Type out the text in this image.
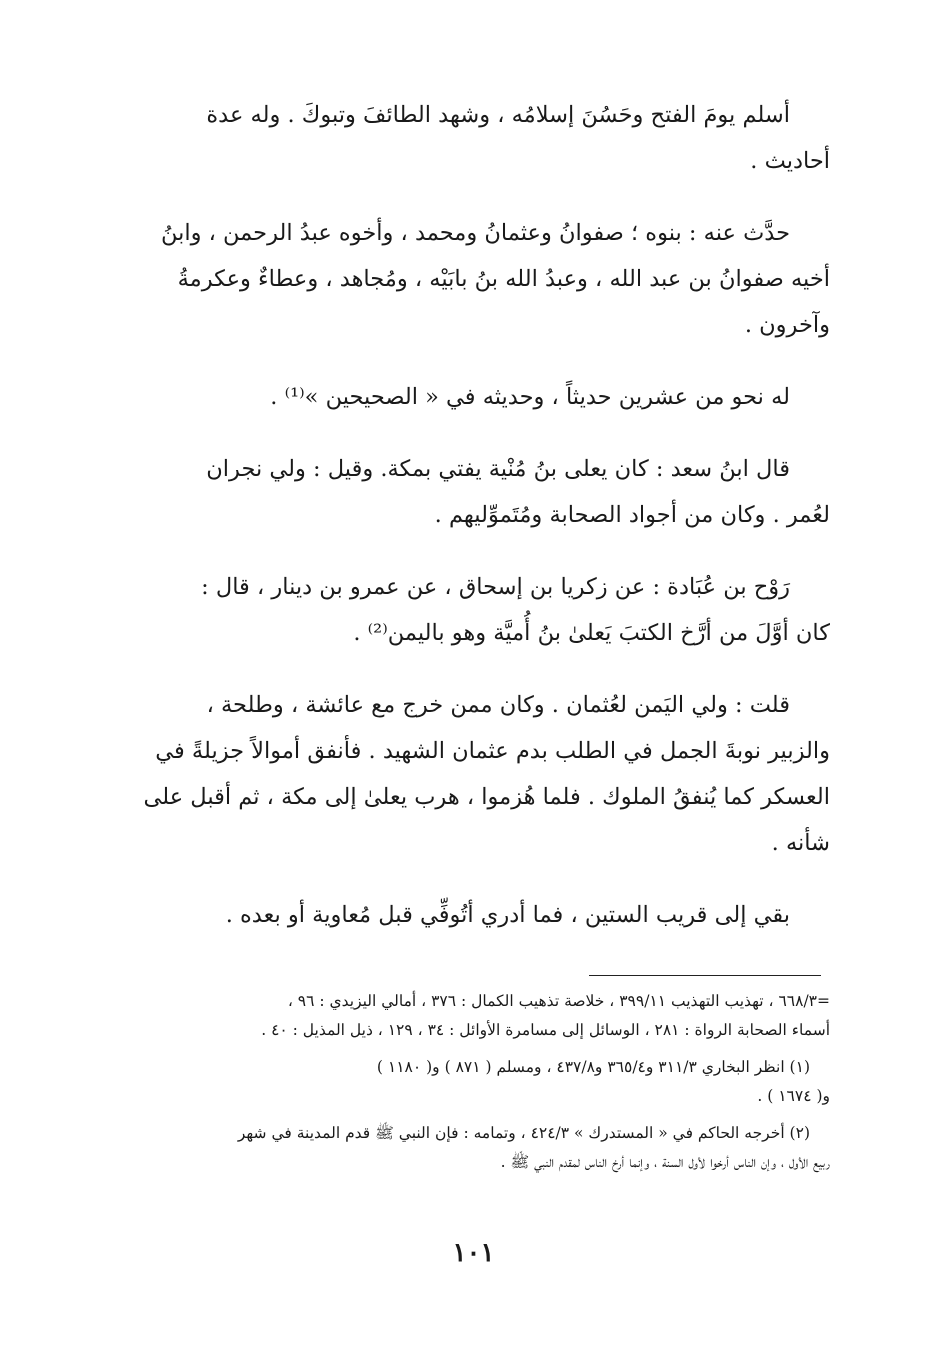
أسلم يومَ الفتح وحَسُنَ إسلامُه ، وشهد الطائفَ وتبوكَ . وله عدة
أحاديث .

حدَّث عنه : بنوه ؛ صفوانُ وعثمانُ ومحمد ، وأخوه عبدُ الرحمن ، وابنُ
أخيه صفوانُ بن عبد الله ، وعبدُ الله بنُ بابَيْه ، ومُجاهد ، وعطاءٌ وعكرمةُ
وآخرون .

له نحو من عشرين حديثاً ، وحديثه في « الصحيحين »⁽¹⁾ .

قال ابنُ سعد : كان يعلى بنُ مُنْية يفتي بمكة. وقيل : ولي نجران
لعُمر . وكان من أجواد الصحابة ومُتَموِّليهم .

رَوْح بن عُبَادة : عن زكريا بن إسحاق ، عن عمرو بن دينار ، قال :
كان أوَّلَ من أرَّخ الكتبَ يَعلىٰ بنُ أُميَّة وهو باليمن⁽²⁾ .

قلت : ولي اليَمن لعُثمان . وكان ممن خرج مع عائشة ، وطلحة ،
والزبير نوبةَ الجمل في الطلب بدم عثمان الشهيد . فأنفق أموالاً جزيلةً في
العسكر كما يُنفقُ الملوك . فلما هُزموا ، هرب يعلىٰ إلى مكة ، ثم أقبل على
شأنه .

بقي إلى قريب الستين ، فما أدري أتُوفِّي قبل مُعاوية أو بعده .

=٦٦٨/٣ ، تهذيب التهذيب ٣٩٩/١١ ، خلاصة تذهيب الكمال : ٣٧٦ ، أمالي اليزيدي : ٩٦ ،
أسماء الصحابة الرواة : ٢٨١ ، الوسائل إلى مسامرة الأوائل : ٣٤ ، ١٢٩ ، ذيل المذيل : ٤٠ .
(١) انظر البخاري ٣١١/٣ و٣٦٥/٤ و٤٣٧/٨ ، ومسلم ( ٨٧١ ) و( ١١٨٠ )
و( ١٦٧٤ ) .
(٢) أخرجه الحاكم في « المستدرك » ٤٢٤/٣ ، وتمامه : فإن النبي ﷺ قدم المدينة في شهر
ربيع الأول ، وإن الناس أرخوا لأول السنة ، وإنما أرخ الناس لمقدم النبي ﷺ .
١٠١
